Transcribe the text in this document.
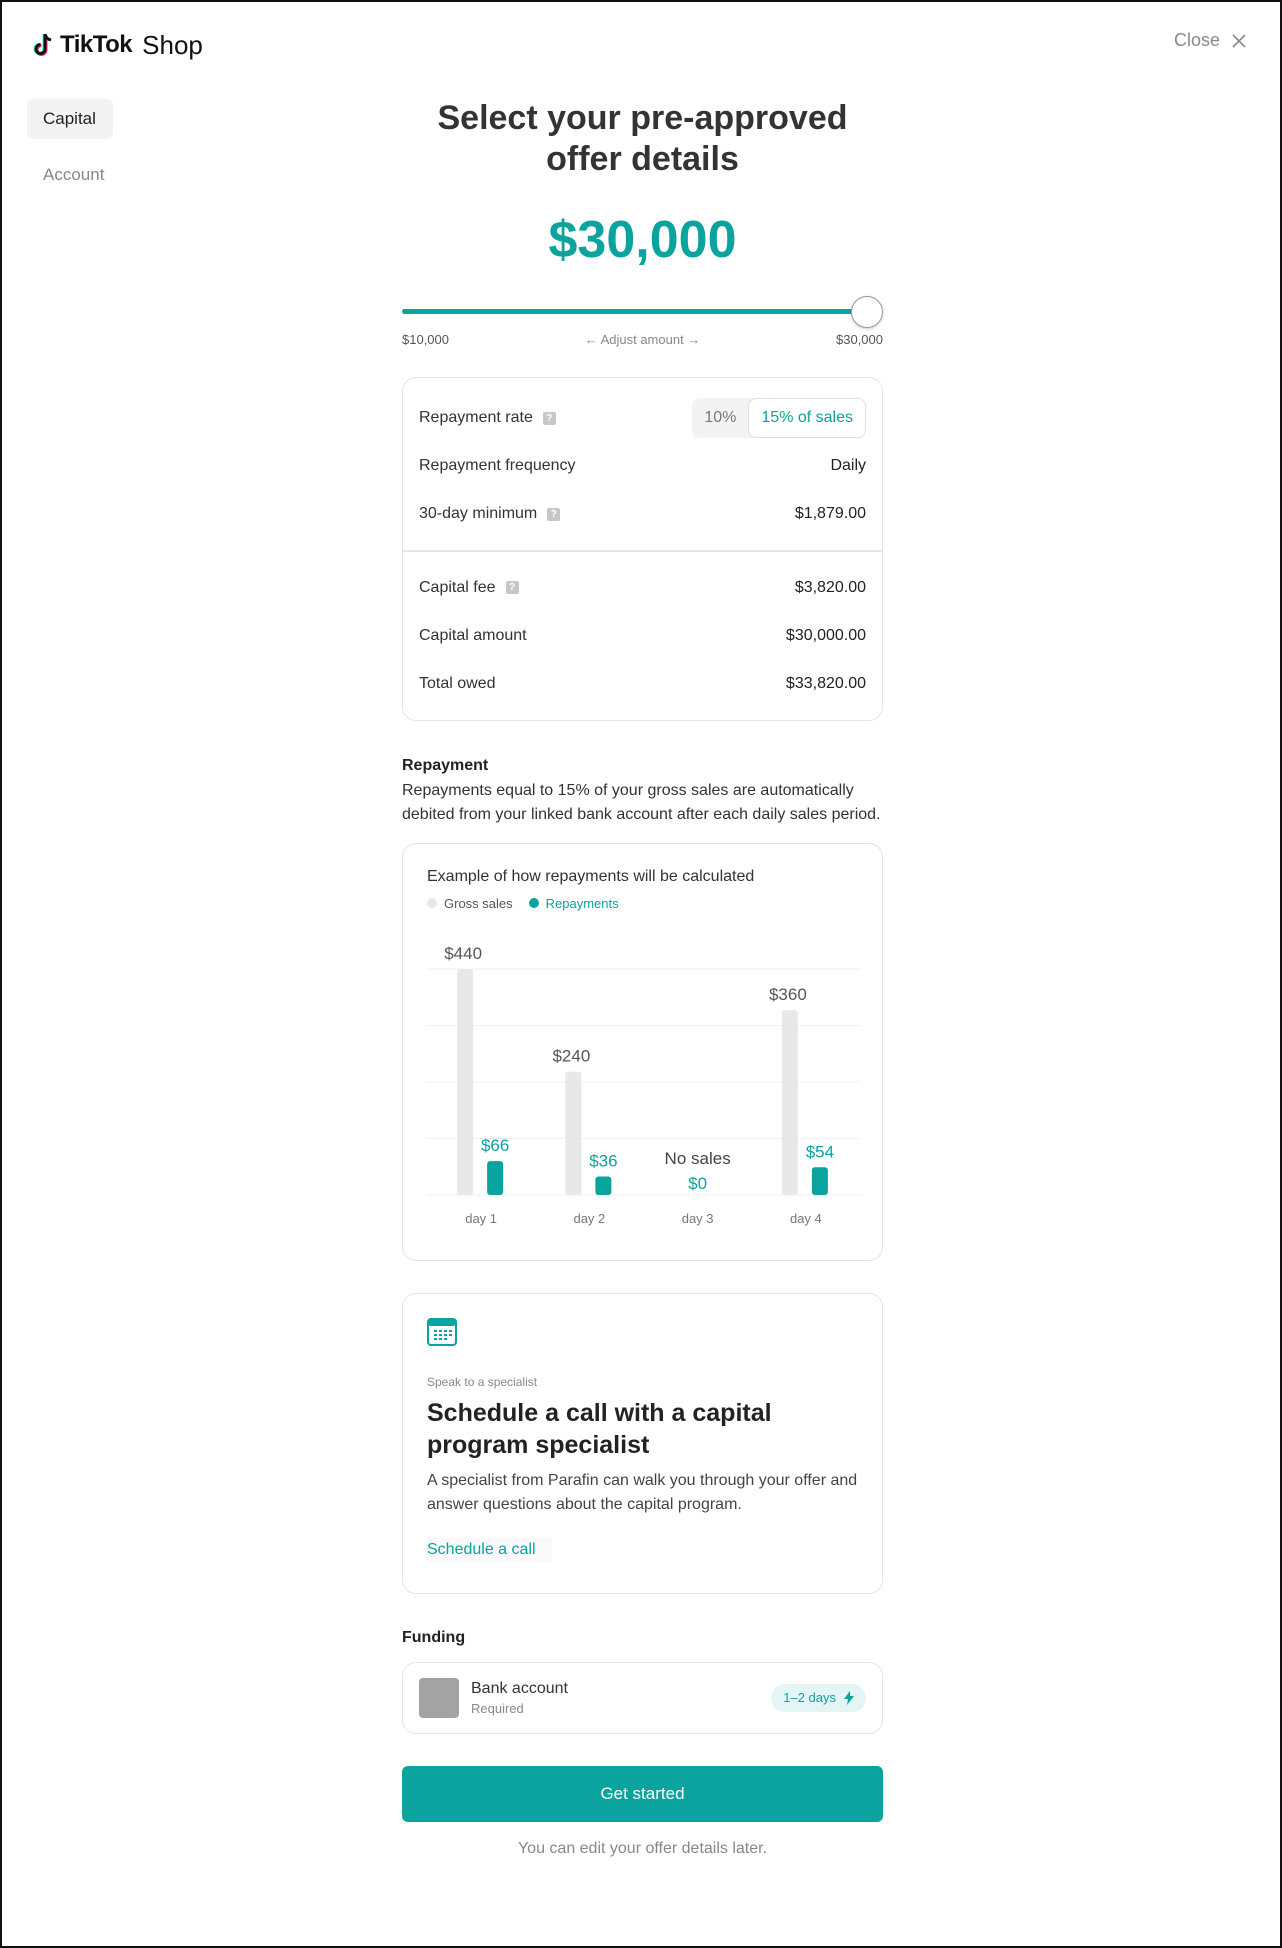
TikTok Shop	Close
Capital
Account
Select your pre-approved
offer details
$30,000
$10,000	← Adjust amount →	$30,000
Repayment rate	?	10%	15% of sales
Repayment frequency	Daily
30-day minimum	?	$1,879.00
Capital fee	?	$3,820.00
Capital amount	$30,000.00
Total owed	$33,820.00
Repayment

Repayments equal to 15% of your gross sales are automatically debited from your linked bank account after each daily sales period.

Example of how repayments will be calculated
Gross sales	Repayments
$440
$66
day 1
$240
$36
day 2
No sales
$0
day 3
$360
$54
day 4
Speak to a specialist
Schedule a call with a capital program specialist

A specialist from Parafin can walk you through your offer and answer questions about the capital program.

Schedule a call
Funding
Bank account
Required
1–2 days
Get started
You can edit your offer details later.
